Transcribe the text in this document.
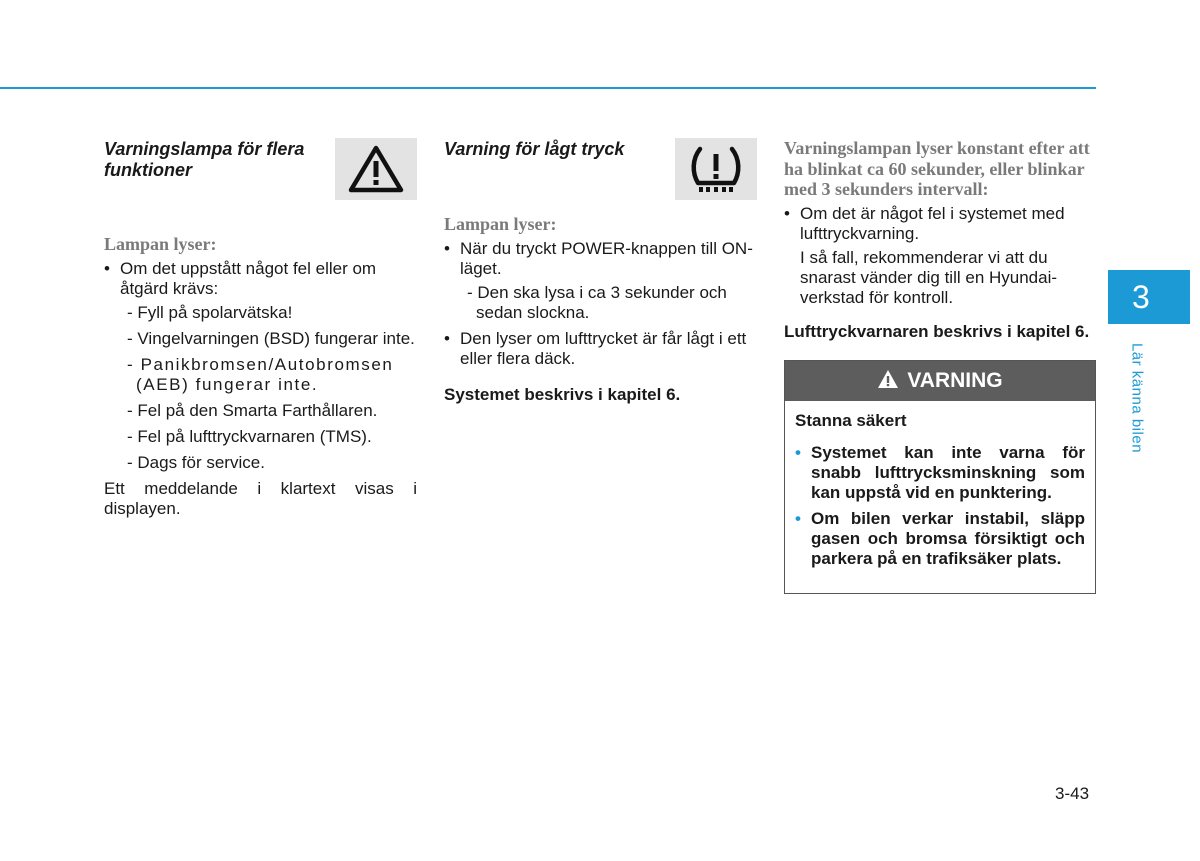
Varningslampa för flera funktioner
Lampan lyser:
• Om det uppstått något fel eller om åtgärd krävs:
- Fyll på spolarvätska!
- Vingelvarningen (BSD) fungerar inte.
- Panikbromsen/Autobromsen (AEB) fungerar inte.
- Fel på den Smarta Farthållaren.
- Fel på lufttryckvarnaren (TMS).
- Dags för service.
Ett meddelande i klartext visas i displayen.
Varning för lågt tryck
Lampan lyser:
• När du tryckt POWER-knappen till ON-läget.
- Den ska lysa i ca 3 sekunder och sedan slockna.
• Den lyser om lufttrycket är får lågt i ett eller flera däck.
Systemet beskrivs i kapitel 6.
Varningslampan lyser konstant efter att ha blinkat ca 60 sekunder, eller blinkar med 3 sekunders intervall:
• Om det är något fel i systemet med lufttryckvarning.
I så fall, rekommenderar vi att du snarast vänder dig till en Hyundai-verkstad för kontroll.
Lufttryckvarnaren beskrivs i kapitel 6.
VARNING
Stanna säkert
• Systemet kan inte varna för snabb lufttrycksminskning som kan uppstå vid en punktering.
• Om bilen verkar instabil, släpp gasen och bromsa försiktigt och parkera på en trafiksäker plats.
3
Lär känna bilen
3-43
